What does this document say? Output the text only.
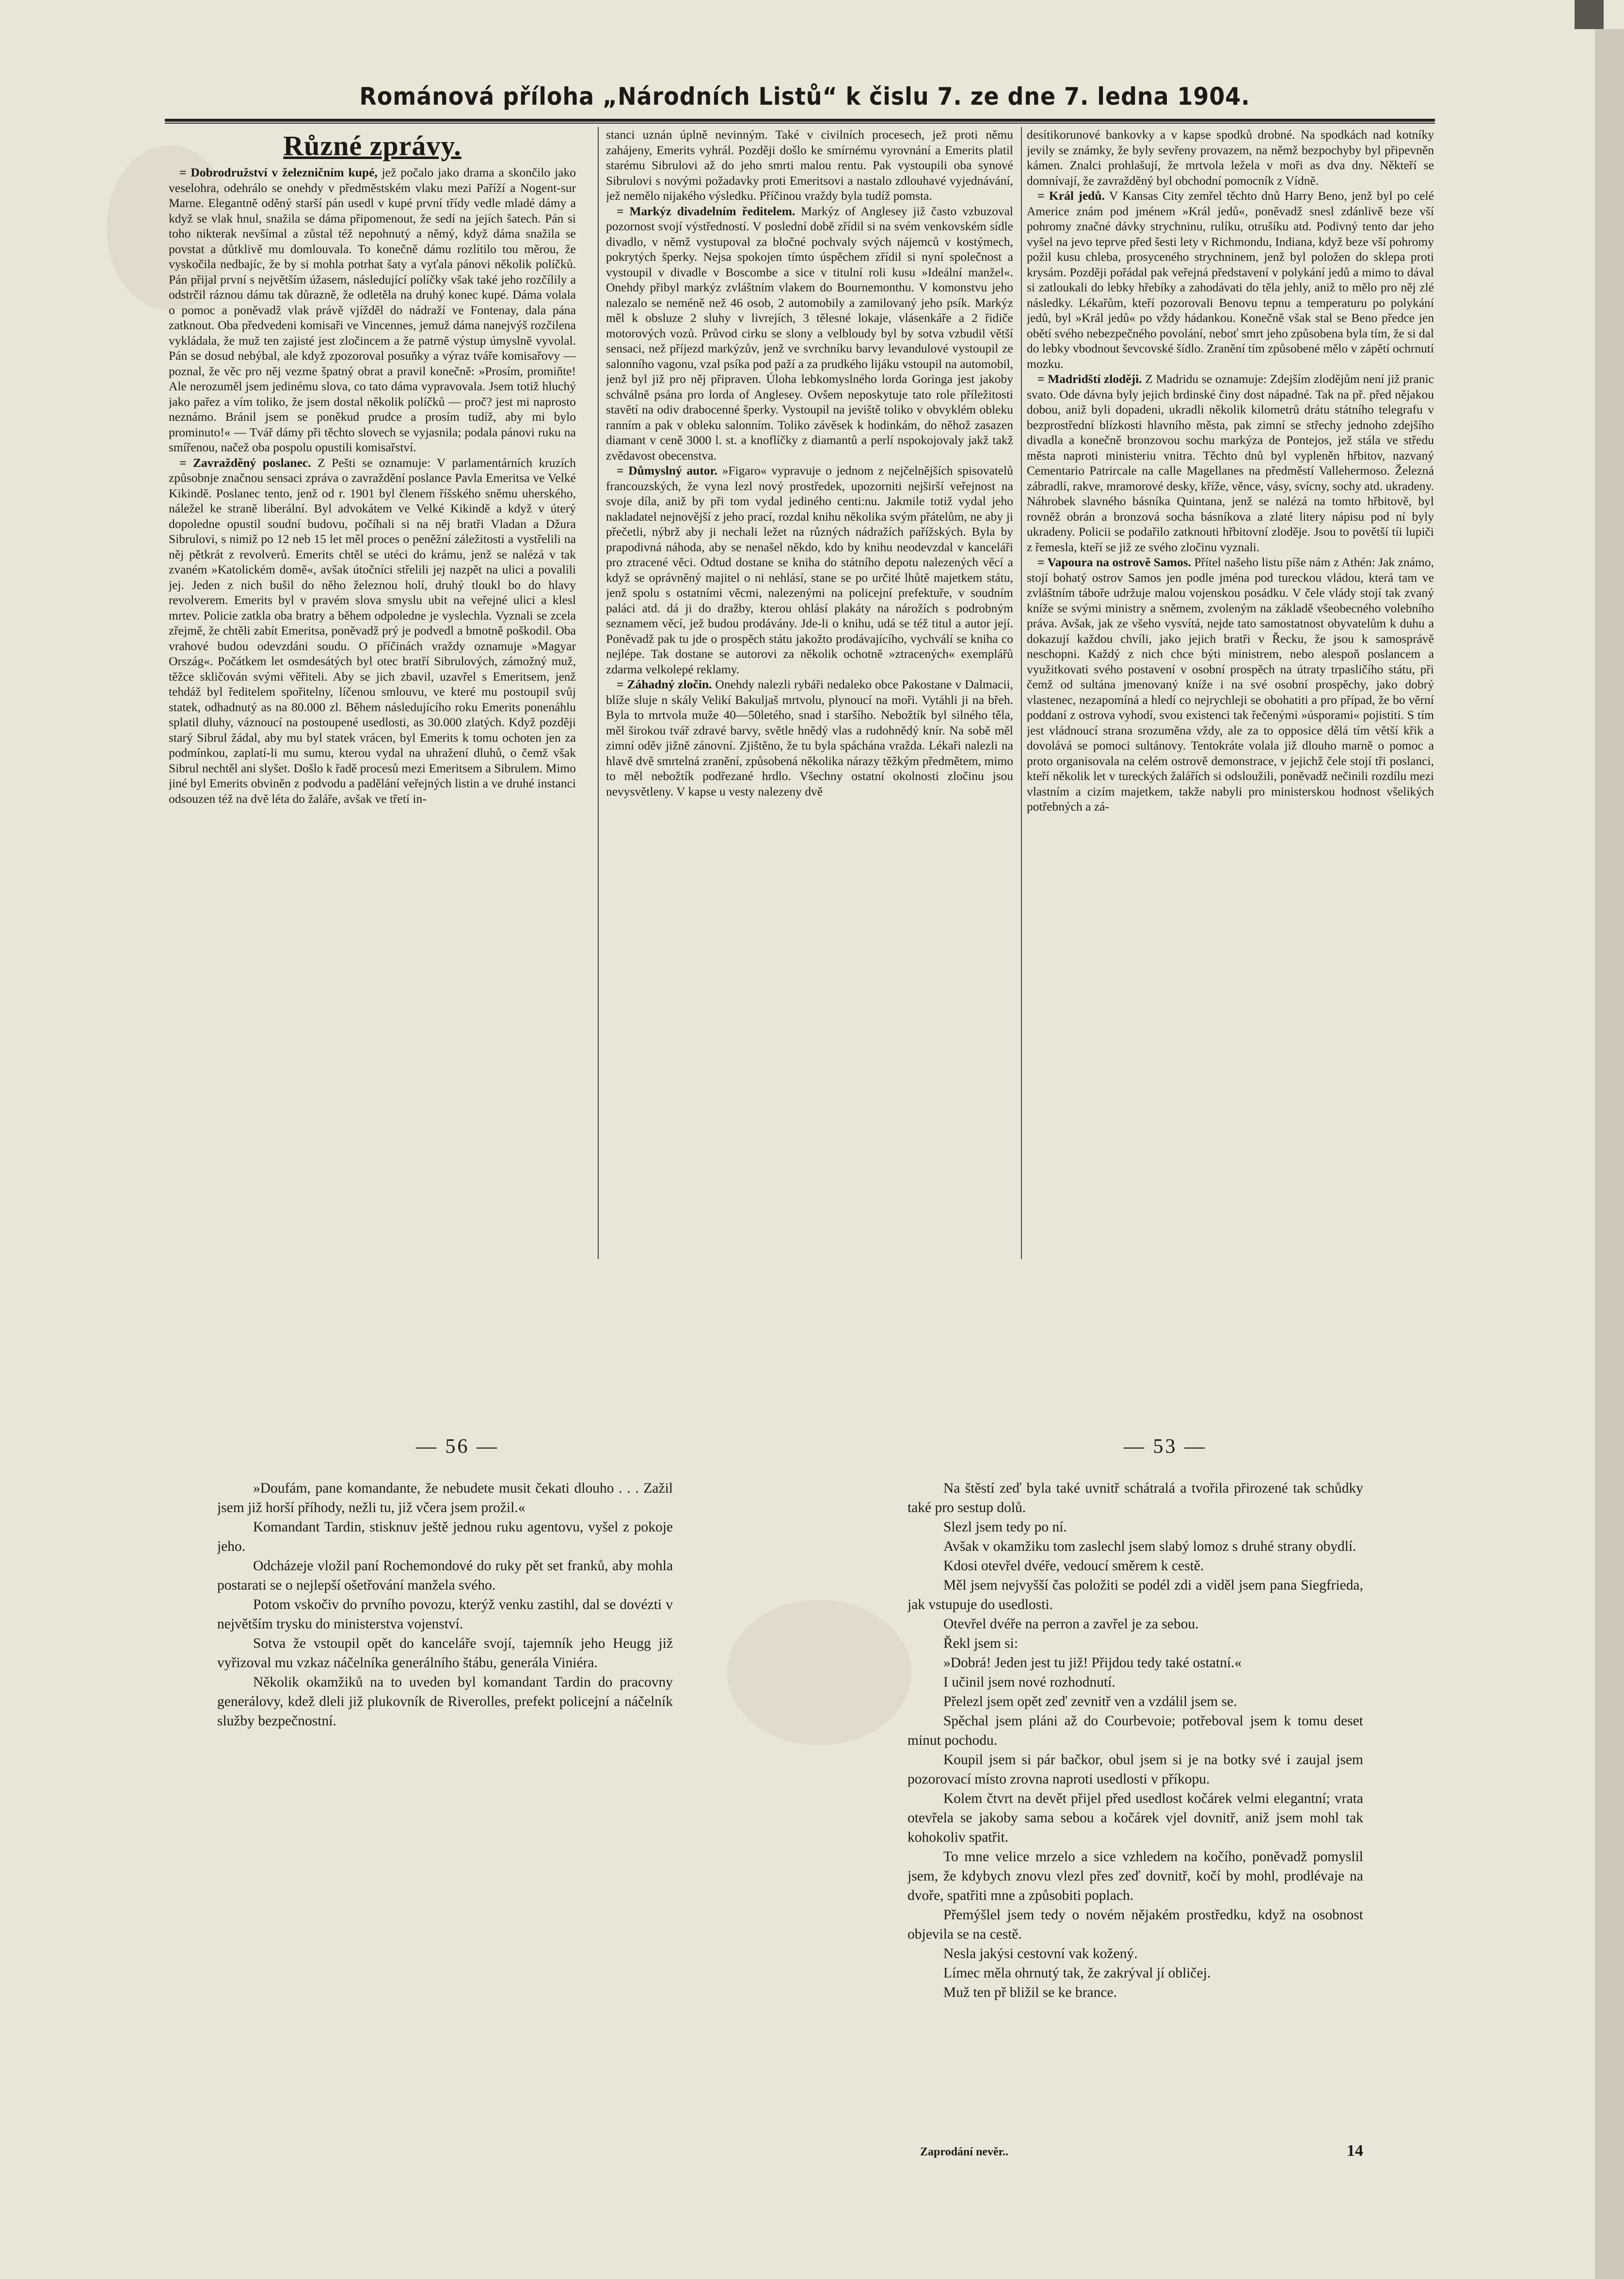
Románová příloha „Národních Listů“ k čislu 7. ze dne 7. ledna 1904.
Různé zprávy.

= Dobrodružství v železničním kupé, jež počalo jako drama a skončilo jako veselohra, odehrálo se onehdy v předměstském vlaku mezi Paříží a Nogent-sur Marne. Elegantně oděný starší pán usedl v kupé první třídy vedle mladé dámy a když se vlak hnul, snažila se dáma připomenout, že sedí na jejích šatech. Pán si toho nikterak nevšímal a zůstal též nepohnutý a němý, když dáma snažila se povstat a důtklivě mu domlouvala. To konečně dámu rozlítilo tou měrou, že vyskočila nedbajíc, že by si mohla potrhat šaty a vyťala pánovi několik políčků. Pán přijal první s největším úžasem, následující políčky však také jeho rozčílily a odstrčil ráznou dámu tak důrazně, že odletěla na druhý konec kupé. Dáma volala o pomoc a poněvadž vlak právě vjížděl do nádraží ve Fontenay, dala pána zatknout. Oba předvedeni komisaři ve Vincennes, jemuž dáma nanejvýš rozčilena vykládala, že muž ten zajisté jest zločincem a že patrně výstup úmyslně vyvolal. Pán se dosud nebýbal, ale když zpozoroval posuňky a výraz tváře komisařovy — poznal, že věc pro něj vezme špatný obrat a pravil konečně: »Prosím, promiňte! Ale nerozuměl jsem jedinému slova, co tato dáma vypravovala. Jsem totiž hluchý jako pařez a vím toliko, že jsem dostal několik políčků — proč? jest mi naprosto neznámo. Bránil jsem se poněkud prudce a prosím tudíž, aby mi bylo prominuto!« — Tvář dámy při těchto slovech se vyjasnila; podala pánovi ruku na smířenou, načež oba pospolu opustili komisařství.

= Zavražděný poslanec. Z Pešti se oznamuje: V parlamentárních kruzích způsobnje značnou sensaci zpráva o zavraždění poslance Pavla Emeritsa ve Velké Kikindě. Poslanec tento, jenž od r. 1901 byl členem říšského sněmu uherského, náležel ke straně liberální. Byl advokátem ve Velké Kikindě a když v úterý dopoledne opustil soudní budovu, počíhali si na něj bratři Vladan a Džura Sibrulovi, s nimiž po 12 neb 15 let měl proces o peněžní záležitosti a vystřelili na něj pětkrát z revolverů. Emerits chtěl se utéci do krámu, jenž se nalézá v tak zvaném »Katolickém domě«, avšak útočníci střelili jej nazpět na ulici a povalili jej. Jeden z nich bušil do něho železnou holí, druhý tloukl bo do hlavy revolverem. Emerits byl v pravém slova smyslu ubit na veřejné ulici a klesl mrtev. Policie zatkla oba bratry a během odpoledne je vyslechla. Vyznali se zcela zřejmě, že chtěli zabít Emeritsa, poněvadž prý je podvedl a bmotně poškodil. Oba vrahové budou odevzdáni soudu. O příčinách vraždy oznamuje »Magyar Ország«. Počátkem let osmdesátých byl otec bratří Sibrulových, zámožný muž, těžce skličován svými věřiteli. Aby se jich zbavil, uzavřel s Emeritsem, jenž tehdáž byl ředitelem spořitelny, líčenou smlouvu, ve které mu postoupil svůj statek, odhadnutý as na 80.000 zl. Během následujícího roku Emerits ponenáhlu splatil dluhy, váznoucí na postoupené usedlosti, as 30.000 zlatých. Když později starý Sibrul žádal, aby mu byl statek vrácen, byl Emerits k tomu ochoten jen za podmínkou, zaplatí-li mu sumu, kterou vydal na uhražení dluhů, o čemž však Sibrul nechtěl ani slyšet. Došlo k řadě procesů mezi Emeritsem a Sibrulem. Mimo jiné byl Emerits obviněn z podvodu a padělání veřejných listin a ve druhé instanci odsouzen též na dvě léta do žaláře, avšak ve třetí in-

stanci uznán úplně nevinným. Také v civilních procesech, jež proti němu zahájeny, Emerits vyhrál. Později došlo ke smírnému vyrovnání a Emerits platil starému Sibrulovi až do jeho smrti malou rentu. Pak vystoupili oba synové Sibrulovi s novými požadavky proti Emeritsovi a nastalo zdlouhavé vyjednávání, jež nemělo nijakého výsledku. Příčinou vraždy byla tudíž pomsta.

= Markýz divadelním ředitelem. Markýz of Anglesey již často vzbuzoval pozornost svojí výstředností. V poslední době zřídil si na svém venkovském sídle divadlo, v němž vystupoval za bločné pochvaly svých nájemců v kostýmech, pokrytých šperky. Nejsa spokojen tímto úspěchem zřídil si nyní společnost a vystoupil v divadle v Boscombe a sice v titulní roli kusu »Ideální manžel«. Onehdy přibyl markýz zvláštním vlakem do Bournemonthu. V komonstvu jeho nalezalo se neméně než 46 osob, 2 automobily a zamilovaný jeho psík. Markýz měl k obsluze 2 sluhy v livrejích, 3 tělesné lokaje, vlásenkáře a 2 řidiče motorových vozů. Průvod cirku se slony a velbloudy byl by sotva vzbudil větší sensaci, než příjezd markýzův, jenž ve svrchníku barvy levandulové vystoupil ze salonního vagonu, vzal psíka pod paží a za prudkého lijáku vstoupil na automobil, jenž byl již pro něj připraven. Úloha lebkomyslného lorda Goringa jest jakoby schválně psána pro lorda of Anglesey. Ovšem neposkytuje tato role příležitosti stavětí na odiv drabocenné šperky. Vystoupil na jeviště toliko v obvyklém obleku ranním a pak v obleku salonním. Toliko závěsek k hodinkám, do něhož zasazen diamant v ceně 3000 l. st. a knoflíčky z diamantů a perlí nspokojovaly jakž takž zvědavost obecenstva.

= Důmyslný autor. »Figaro« vypravuje o jednom z nejčelnějších spisovatelů francouzských, že vyna lezl nový prostředek, upozorniti nejširší veřejnost na svoje díla, aniž by při tom vydal jediného centi:nu. Jakmile totiž vydal jeho nakladatel nejnovější z jeho prací, rozdal knihu několika svým přátelům, ne aby ji přečetli, nýbrž aby ji nechali ležet na různých nádražích pařížských. Byla by prapodivná náhoda, aby se nenašel někdo, kdo by knihu neodevzdal v kanceláři pro ztracené věci. Odtud dostane se kniha do státního depotu nalezených věcí a když se oprávněný majitel o ni nehlásí, stane se po určité lhůtě majetkem státu, jenž spolu s ostatními věcmi, nalezenými na policejní prefektuře, v soudním paláci atd. dá ji do dražby, kterou ohlásí plakáty na nárožích s podrobným seznamem věcí, jež budou prodávány. Jde-li o knihu, udá se též titul a autor její. Poněvadž pak tu jde o prospěch státu jakožto prodávajícího, vychválí se kniha co nejlépe. Tak dostane se autorovi za několik ochotně »ztracených« exemplářů zdarma velkolepé reklamy.

= Záhadný zločin. Onehdy nalezli rybáři nedaleko obce Pakostane v Dalmacii, blíže sluje n skály Velikí Bakuljaš mrtvolu, plynoucí na moři. Vytáhli ji na břeh. Byla to mrtvola muže 40—50letého, snad i staršího. Nebožtík byl silného těla, měl širokou tvář zdravé barvy, světle hnědý vlas a rudohnědý knír. Na sobě měl zimní oděv jižně zánovní. Zjištěno, že tu byla spáchána vražda. Lékaři nalezli na hlavě dvě smrtelná zranění, způsobená několika nárazy těžkým předmětem, mimo to měl nebožtík podřezané hrdlo. Všechny ostatní okolnosti zločinu jsou nevysvětleny. V kapse u vesty nalezeny dvě

desítikorunové bankovky a v kapse spodků drobné. Na spodkách nad kotníky jevily se známky, že byly sevřeny provazem, na němž bezpochyby byl připevněn kámen. Znalci prohlašují, že mrtvola ležela v moři as dva dny. Někteří se domnívají, že zavražděný byl obchodní pomocník z Vídně.

= Král jedů. V Kansas City zemřel těchto dnů Harry Beno, jenž byl po celé Americe znám pod jménem »Král jedů«, poněvadž snesl zdánlivě beze vší pohromy značné dávky strychninu, rulíku, otrušíku atd. Podivný tento dar jeho vyšel na jevo teprve před šesti lety v Richmondu, Indiana, když beze vší pohromy požil kusu chleba, prosyceného strychninem, jenž byl položen do sklepa proti krysám. Později pořádal pak veřejná představení v polykání jedů a mimo to dával si zatloukali do lebky hřebíky a zahodávati do těla jehly, aniž to mělo pro něj zlé následky. Lékařům, kteří pozorovali Benovu tepnu a temperaturu po polykání jedů, byl »Král jedů« po vždy hádankou. Konečně však stal se Beno předce jen obětí svého nebezpečného povolání, neboť smrt jeho způsobena byla tím, že si dal do lebky vbodnout ševcovské šídlo. Zranění tím způsobené mělo v zápětí ochrnutí mozku.

= Madridští zloději. Z Madridu se oznamuje: Zdejším zlodějům není již pranic svato. Ode dávna byly jejich brdinské činy dost nápadné. Tak na př. před nějakou dobou, aniž byli dopadeni, ukradli několik kilometrů drátu státního telegrafu v bezprostřední blízkosti hlavního města, pak zimní se střechy jednoho zdejšího divadla a konečně bronzovou sochu markýza de Pontejos, jež stála ve středu města naproti ministeriu vnitra. Těchto dnů byl vypleněn hřbitov, nazvaný Cementario Patrircale na calle Magellanes na předměstí Vallehermoso. Železná zábradlí, rakve, mramorové desky, kříže, věnce, vásy, svícny, sochy atd. ukradeny. Náhrobek slavného básníka Quintana, jenž se nalézá na tomto hřbitově, byl rovněž obrán a bronzová socha básníkova a zlaté litery nápisu pod ní byly ukradeny. Policii se podařilo zatknouti hřbitovní zloděje. Jsou to povětší tíi lupiči z řemesla, kteří se již ze svého zločinu vyznali.

= Vapoura na ostrově Samos. Přítel našeho listu píše nám z Athén: Jak známo, stojí bohatý ostrov Samos jen podle jména pod tureckou vládou, která tam ve zvláštním táboře udržuje malou vojenskou posádku. V čele vlády stojí tak zvaný kníže se svými ministry a sněmem, zvoleným na základě všeobecného volebního práva. Avšak, jak ze všeho vysvítá, nejde tato samostatnost obyvatelům k duhu a dokazují každou chvíli, jako jejich bratři v Řecku, že jsou k samosprávě neschopni. Každý z nich chce býti ministrem, nebo alespoň poslancem a využitkovati svého postavení v osobní prospěch na útraty trpasličího státu, při čemž od sultána jmenovaný kníže i na své osobní prospěchy, jako dobrý vlastenec, nezapomíná a hledí co nejrychleji se obohatiti a pro případ, že bo věrní poddaní z ostrova vyhodí, svou existenci tak řečenými »úsporami« pojistiti. S tím jest vládnoucí strana srozuměna vždy, ale za to opposice dělá tím větší křik a dovolává se pomoci sultánovy. Tentokráte volala již dlouho marně o pomoc a proto organisovala na celém ostrově demonstrace, v jejichž čele stojí tři poslanci, kteří několik let v tureckých žalářích si odsloužili, poněvadž nečinili rozdílu mezi vlastním a cizím majetkem, takže nabyli pro ministerskou hodnost všelikých potřebných a zá-

— 56 —

»Doufám, pane komandante, že nebudete musit čekati dlouho . . . Zažil jsem již horší příhody, nežli tu, již včera jsem prožil.«

Komandant Tardin, stisknuv ještě jednou ruku agentovu, vyšel z pokoje jeho.

Odcházeje vložil paní Rochemondové do ruky pět set franků, aby mohla postarati se o nejlepší ošetřování manžela svého.

Potom vskočiv do prvního povozu, kterýž venku zastihl, dal se dovézti v největším trysku do ministerstva vojenství.

Sotva že vstoupil opět do kanceláře svojí, tajemník jeho Heugg již vyřizoval mu vzkaz náčelníka generálního štábu, generála Viniéra.

Několik okamžiků na to uveden byl komandant Tardin do pracovny generálovy, kdež dleli již plukovník de Riverolles, prefekt policejní a náčelník služby bezpečnostní.

— 53 —

Na štěstí zeď byla také uvnitř schátralá a tvořila přirozené tak schůdky také pro sestup dolů.

Slezl jsem tedy po ní.

Avšak v okamžiku tom zaslechl jsem slabý lomoz s druhé strany obydlí.

Kdosi otevřel dvéře, vedoucí směrem k cestě.

Měl jsem nejvyšší čas položiti se podél zdi a viděl jsem pana Siegfrieda, jak vstupuje do usedlosti.

Otevřel dvéře na perron a zavřel je za sebou.

Řekl jsem si:

»Dobrá! Jeden jest tu již! Přijdou tedy také ostatní.«

I učinil jsem nové rozhodnutí.

Přelezl jsem opět zeď zevnitř ven a vzdálil jsem se.

Spěchal jsem pláni až do Courbevoie; potřeboval jsem k tomu deset minut pochodu.

Koupil jsem si pár bačkor, obul jsem si je na botky své i zaujal jsem pozorovací místo zrovna naproti usedlosti v příkopu.

Kolem čtvrt na devět přijel před usedlost kočárek velmi elegantní; vrata otevřela se jakoby sama sebou a kočárek vjel dovnitř, aniž jsem mohl tak kohokoliv spatřit.

To mne velice mrzelo a sice vzhledem na kočího, poněvadž pomyslil jsem, že kdybych znovu vlezl přes zeď dovnitř, kočí by mohl, prodlévaje na dvoře, spatřiti mne a způsobiti poplach.

Přemýšlel jsem tedy o novém nějakém prostředku, když na osobnost objevila se na cestě.

Nesla jakýsi cestovní vak kožený.

Límec měla ohrnutý tak, že zakrýval jí obličej.

Muž ten př bližil se ke brance.

Zaprodání nevěr..	14
